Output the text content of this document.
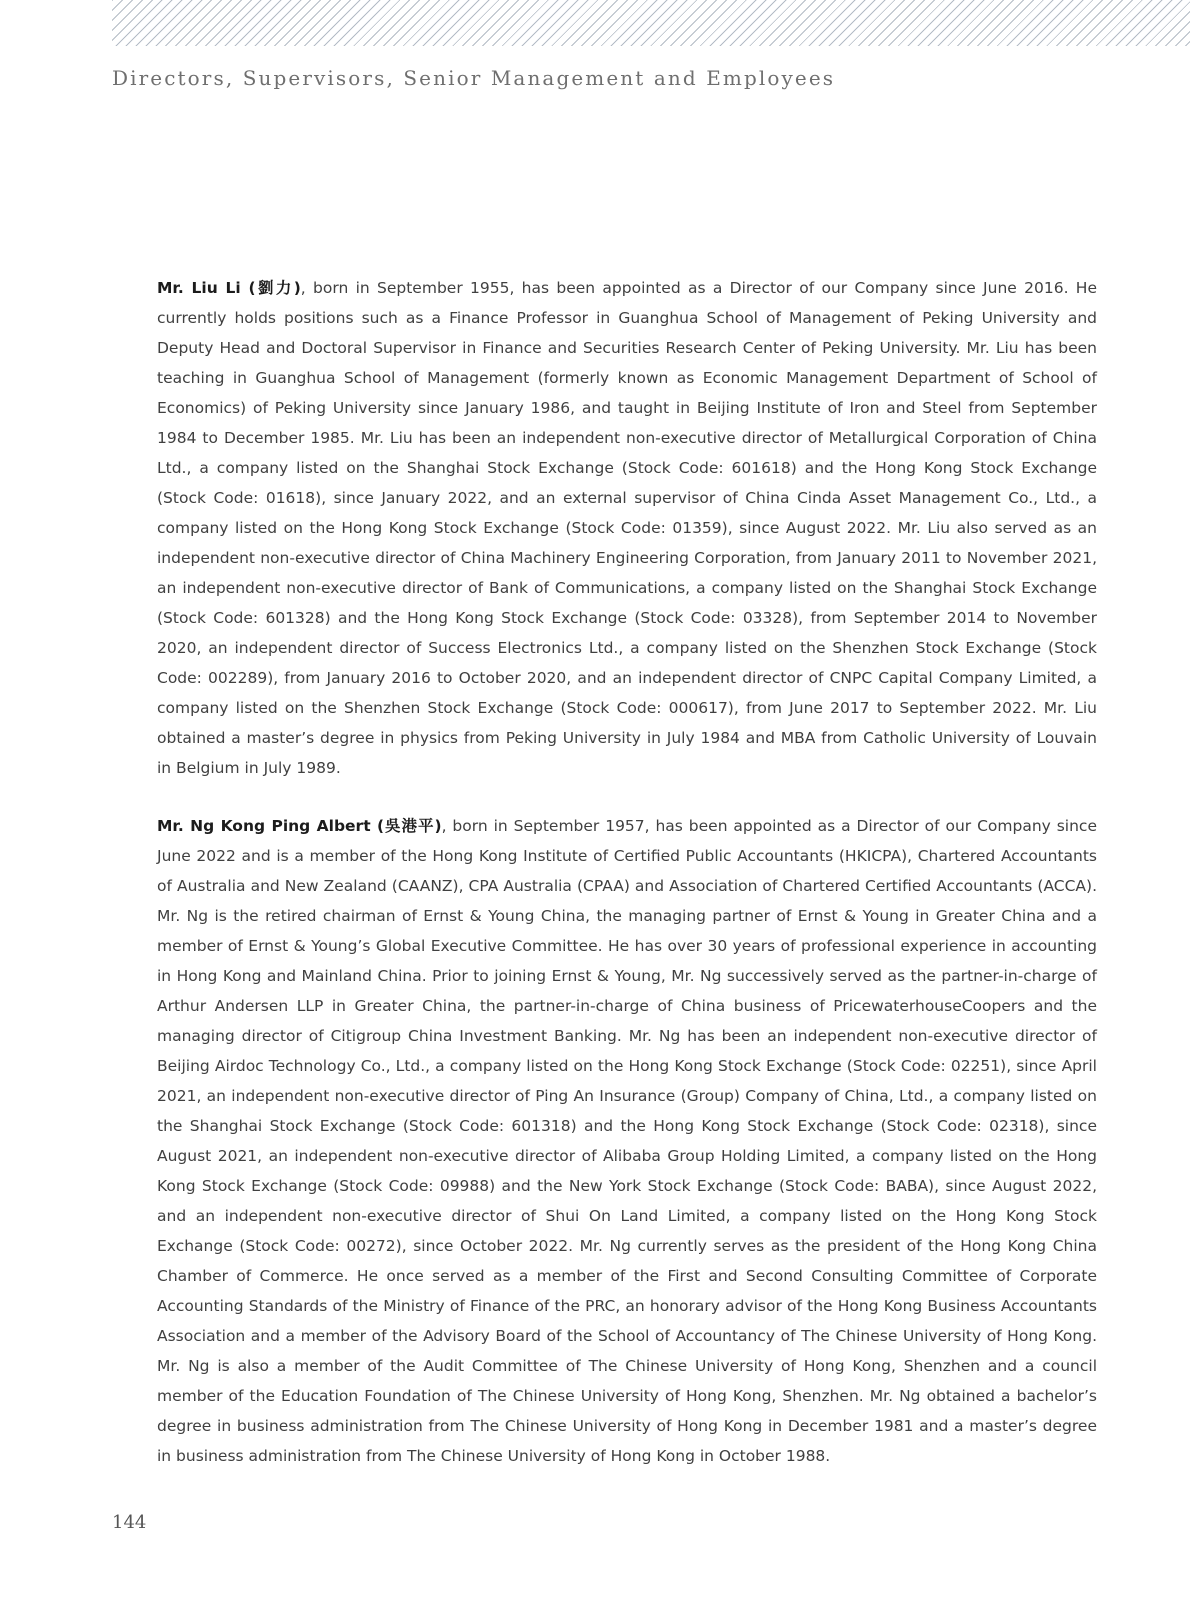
Directors, Supervisors, Senior Management and Employees

Mr. Liu Li (劉力), born in September 1955, has been appointed as a Director of our Company since June 2016. He currently holds positions such as a Finance Professor in Guanghua School of Management of Peking University and Deputy Head and Doctoral Supervisor in Finance and Securities Research Center of Peking University. Mr. Liu has been teaching in Guanghua School of Management (formerly known as Economic Management Department of School of Economics) of Peking University since January 1986, and taught in Beijing Institute of Iron and Steel from September 1984 to December 1985. Mr. Liu has been an independent non-executive director of Metallurgical Corporation of China Ltd., a company listed on the Shanghai Stock Exchange (Stock Code: 601618) and the Hong Kong Stock Exchange (Stock Code: 01618), since January 2022, and an external supervisor of China Cinda Asset Management Co., Ltd., a company listed on the Hong Kong Stock Exchange (Stock Code: 01359), since August 2022. Mr. Liu also served as an independent non-executive director of China Machinery Engineering Corporation, from January 2011 to November 2021, an independent non-executive director of Bank of Communications, a company listed on the Shanghai Stock Exchange (Stock Code: 601328) and the Hong Kong Stock Exchange (Stock Code: 03328), from September 2014 to November 2020, an independent director of Success Electronics Ltd., a company listed on the Shenzhen Stock Exchange (Stock Code: 002289), from January 2016 to October 2020, and an independent director of CNPC Capital Company Limited, a company listed on the Shenzhen Stock Exchange (Stock Code: 000617), from June 2017 to September 2022. Mr. Liu obtained a master’s degree in physics from Peking University in July 1984 and MBA from Catholic University of Louvain in Belgium in July 1989.

Mr. Ng Kong Ping Albert (吳港平), born in September 1957, has been appointed as a Director of our Company since June 2022 and is a member of the Hong Kong Institute of Certified Public Accountants (HKICPA), Chartered Accountants of Australia and New Zealand (CAANZ), CPA Australia (CPAA) and Association of Chartered Certified Accountants (ACCA). Mr. Ng is the retired chairman of Ernst & Young China, the managing partner of Ernst & Young in Greater China and a member of Ernst & Young’s Global Executive Committee. He has over 30 years of professional experience in accounting in Hong Kong and Mainland China. Prior to joining Ernst & Young, Mr. Ng successively served as the partner-in-charge of Arthur Andersen LLP in Greater China, the partner-in-charge of China business of PricewaterhouseCoopers and the managing director of Citigroup China Investment Banking. Mr. Ng has been an independent non-executive director of Beijing Airdoc Technology Co., Ltd., a company listed on the Hong Kong Stock Exchange (Stock Code: 02251), since April 2021, an independent non-executive director of Ping An Insurance (Group) Company of China, Ltd., a company listed on the Shanghai Stock Exchange (Stock Code: 601318) and the Hong Kong Stock Exchange (Stock Code: 02318), since August 2021, an independent non-executive director of Alibaba Group Holding Limited, a company listed on the Hong Kong Stock Exchange (Stock Code: 09988) and the New York Stock Exchange (Stock Code: BABA), since August 2022, and an independent non-executive director of Shui On Land Limited, a company listed on the Hong Kong Stock Exchange (Stock Code: 00272), since October 2022. Mr. Ng currently serves as the president of the Hong Kong China Chamber of Commerce. He once served as a member of the First and Second Consulting Committee of Corporate Accounting Standards of the Ministry of Finance of the PRC, an honorary advisor of the Hong Kong Business Accountants Association and a member of the Advisory Board of the School of Accountancy of The Chinese University of Hong Kong. Mr. Ng is also a member of the Audit Committee of The Chinese University of Hong Kong, Shenzhen and a council member of the Education Foundation of The Chinese University of Hong Kong, Shenzhen. Mr. Ng obtained a bachelor’s degree in business administration from The Chinese University of Hong Kong in December 1981 and a master’s degree in business administration from The Chinese University of Hong Kong in October 1988.

144
